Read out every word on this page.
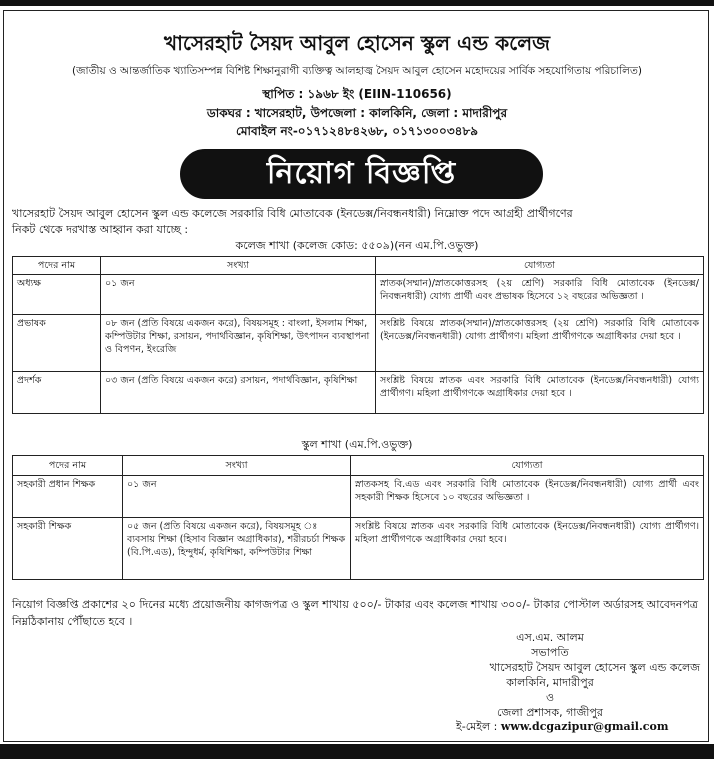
খাসেরহাট সৈয়দ আবুল হোসেন স্কুল এন্ড কলেজ
(জাতীয় ও আন্তর্জাতিক খ্যাতিসম্পন্ন বিশিষ্ট শিক্ষানুরাগী ব্যক্তিত্ব আলহাজ্ব সৈয়দ আবুল হোসেন মহোদয়ের সার্বিক সহযোগিতায় পরিচালিত)
স্থাপিত : ১৯৬৮ ইং (EIIN-110656)
ডাকঘর : খাসেরহাট, উপজেলা : কালকিনি, জেলা : মাদারীপুর
মোবাইল নং-০১৭১২৪৮৪২৬৮, ০১৭১৩০০৩৪৮৯
নিয়োগ বিজ্ঞপ্তি
খাসেরহাট সৈয়দ আবুল হোসেন স্কুল এন্ড কলেজে সরকারি বিধি মোতাবেক (ইনডেক্স/নিবন্ধনধারী) নিম্নোক্ত পদে আগ্রহী প্রার্থীগণের
নিকট থেকে দরখাস্ত আহ্বান করা যাচ্ছে :
কলেজ শাখা (কলেজ কোড: ৫৫০৯)(নন এম.পি.ওভুক্ত)
পদের নাম	সংখ্যা	যোগ্যতা
অধ্যক্ষ	০১ জন	স্নাতক(সম্মান)/স্নাতকোত্তরসহ (২য় শ্রেণি) সরকারি বিধি মোতাবেক (ইনডেক্স/নিবন্ধনধারী) যোগ্য প্রার্থী এবং প্রভাষক হিসেবে ১২ বছরের অভিজ্ঞতা ।
প্রভাষক	০৮ জন (প্রতি বিষয়ে একজন করে), বিষয়সমূহ : বাংলা, ইসলাম শিক্ষা, কম্পিউটার শিক্ষা, রসায়ন, পদার্থবিজ্ঞান, কৃষিশিক্ষা, উৎপাদন ব্যবস্থাপনা ও বিপণন, ইংরেজি	সংশ্লিষ্ট বিষয়ে স্নাতক(সম্মান)/স্নাতকোত্তরসহ (২য় শ্রেণি) সরকারি বিধি মোতাবেক (ইনডেক্স/নিবন্ধনধারী) যোগ্য প্রার্থীগণ। মহিলা প্রার্থীগণকে অগ্রাধিকার দেয়া হবে ।
প্রদর্শক	০৩ জন (প্রতি বিষয়ে একজন করে) রসায়ন, পদার্থবিজ্ঞান, কৃষিশিক্ষা	সংশ্লিষ্ট বিষয়ে স্নাতক এবং সরকারি বিধি মোতাবেক (ইনডেক্স/নিবন্ধনধারী) যোগ্য প্রার্থীগণ। মহিলা প্রার্থীগণকে অগ্রাধিকার দেয়া হবে ।
স্কুল শাখা (এম.পি.ওভুক্ত)
পদের নাম	সংখ্যা	যোগ্যতা
সহকারী প্রধান শিক্ষক	০১ জন	স্নাতকসহ বি.এড এবং সরকারি বিধি মোতাবেক (ইনডেক্স/নিবন্ধনধারী) যোগ্য প্রার্থী এবং সহকারী শিক্ষক হিসেবে ১০ বছরের অভিজ্ঞতা ।
সহকারী শিক্ষক	০৫ জন (প্রতি বিষয়ে একজন করে), বিষয়সমূহ ঃ ব্যবসায় শিক্ষা (হিসাব বিজ্ঞান অগ্রাধিকার), শরীরচর্চা শিক্ষক (বি.পি.এড), হিন্দুধর্ম, কৃষিশিক্ষা, কম্পিউটার শিক্ষা	সংশ্লিষ্ট বিষয়ে স্নাতক এবং সরকারি বিধি মোতাবেক (ইনডেক্স/নিবন্ধনধারী) যোগ্য প্রার্থীগণ। মহিলা প্রার্থীগণকে অগ্রাধিকার দেয়া হবে।
নিয়োগ বিজ্ঞপ্তি প্রকাশের ২০ দিনের মধ্যে প্রয়োজনীয় কাগজপত্র ও স্কুল শাখায় ৫০০/- টাকার এবং কলেজ শাখায় ৩০০/- টাকার পোস্টাল অর্ডারসহ আবেদনপত্র নিম্নঠিকানায় পৌঁছাতে হবে ।
এস.এম. আলম
সভাপতি
খাসেরহাট সৈয়দ আবুল হোসেন স্কুল এন্ড কলেজ
কালকিনি, মাদারীপুর
ও
জেলা প্রশাসক, গাজীপুর
ই-মেইল : www.dcgazipur@gmail.com
